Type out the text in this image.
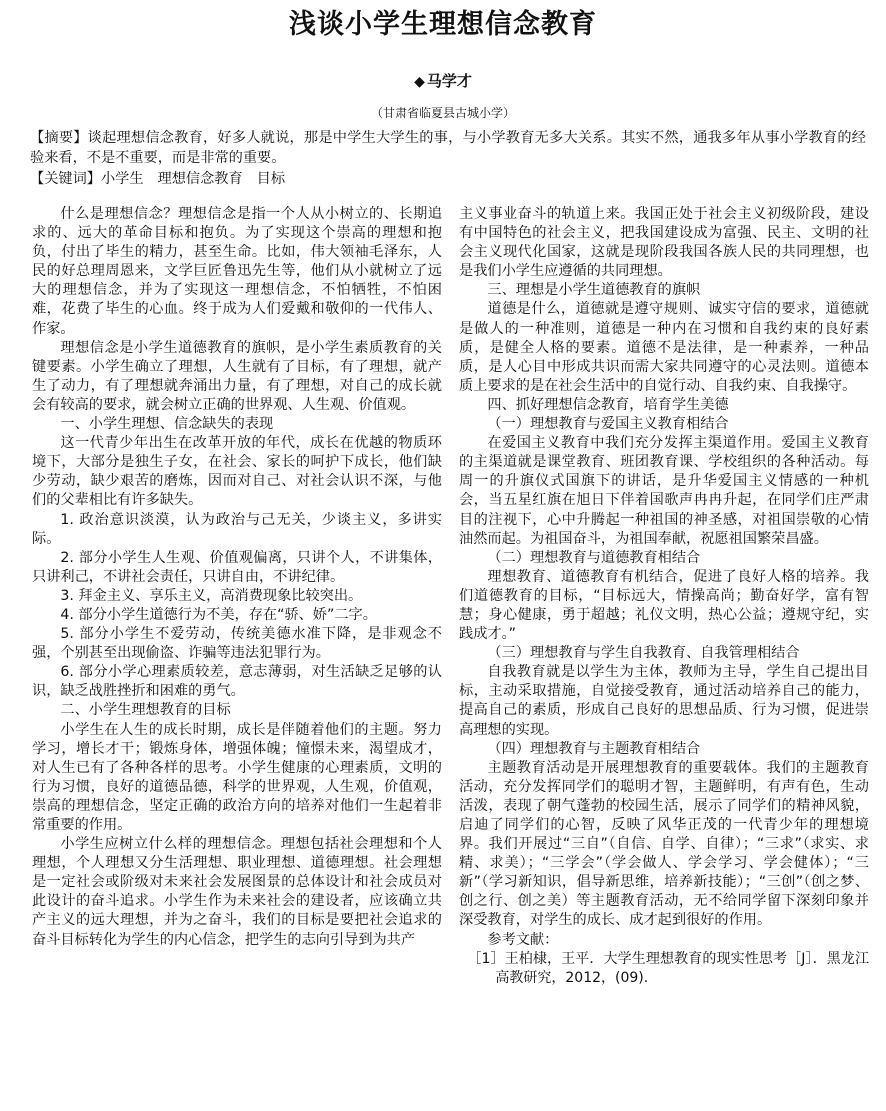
浅谈小学生理想信念教育
◆ 马学才
（甘肃省临夏县古城小学）
【摘要】谈起理想信念教育，好多人就说，那是中学生大学生的事，与小学教育无多大关系。其实不然，通我多年从事小学教育的经验来看，不是不重要，而是非常的重要。
【关键词】小学生 理想信念教育 目标

什么是理想信念？理想信念是指一个人从小树立的、长期追求的、远大的革命目标和抱负。为了实现这个崇高的理想和抱负，付出了毕生的精力，甚至生命。比如，伟大领袖毛泽东，人民的好总理周恩来，文学巨匠鲁迅先生等，他们从小就树立了远大的理想信念，并为了实现这一理想信念，不怕牺牲，不怕困难，花费了毕生的心血。终于成为人们爱戴和敬仰的一代伟人、作家。

理想信念是小学生道德教育的旗帜，是小学生素质教育的关键要素。小学生确立了理想，人生就有了目标，有了理想，就产生了动力，有了理想就奔涌出力量，有了理想，对自己的成长就会有较高的要求，就会树立正确的世界观、人生观、价值观。

一、小学生理想、信念缺失的表现

这一代青少年出生在改革开放的年代，成长在优越的物质环境下，大部分是独生子女，在社会、家长的呵护下成长，他们缺少劳动，缺少艰苦的磨炼，因而对自己、对社会认识不深，与他们的父辈相比有许多缺失。

1. 政治意识淡漠，认为政治与己无关，少谈主义，多讲实际。

2. 部分小学生人生观、价值观偏离，只讲个人，不讲集体，只讲利己，不讲社会责任，只讲自由，不讲纪律。

3. 拜金主义、享乐主义，高消费现象比较突出。

4. 部分小学生道德行为不美，存在“骄、娇”二字。

5. 部分小学生不爱劳动，传统美德水准下降，是非观念不强，个别甚至出现偷盗、诈骗等违法犯罪行为。

6. 部分小学心理素质较差，意志薄弱，对生活缺乏足够的认识，缺乏战胜挫折和困难的勇气。

二、小学生理想教育的目标

小学生在人生的成长时期，成长是伴随着他们的主题。努力学习，增长才干；锻炼身体，增强体魄；憧憬未来，渴望成才，对人生已有了各种各样的思考。小学生健康的心理素质，文明的行为习惯，良好的道德品德，科学的世界观，人生观，价值观，崇高的理想信念，坚定正确的政治方向的培养对他们一生起着非常重要的作用。

小学生应树立什么样的理想信念。理想包括社会理想和个人理想，个人理想又分生活理想、职业理想、道德理想。社会理想是一定社会或阶级对未来社会发展图景的总体设计和社会成员对此设计的奋斗追求。小学生作为未来社会的建设者，应该确立共产主义的远大理想，并为之奋斗，我们的目标是要把社会追求的奋斗目标转化为学生的内心信念，把学生的志向引导到为共产

主义事业奋斗的轨道上来。我国正处于社会主义初级阶段，建设有中国特色的社会主义，把我国建设成为富强、民主、文明的社会主义现代化国家，这就是现阶段我国各族人民的共同理想，也是我们小学生应遵循的共同理想。

三、理想是小学生道德教育的旗帜

道德是什么，道德就是遵守规则、诚实守信的要求，道德就是做人的一种准则，道德是一种内在习惯和自我约束的良好素质，是健全人格的要素。道德不是法律，是一种素养，一种品质，是人心目中形成共识而需大家共同遵守的心灵法则。道德本质上要求的是在社会生活中的自觉行动、自我约束、自我操守。

四、抓好理想信念教育，培育学生美德

（一）理想教育与爱国主义教育相结合

在爱国主义教育中我们充分发挥主渠道作用。爱国主义教育的主渠道就是课堂教育、班团教育课、学校组织的各种活动。每周一的升旗仪式国旗下的讲话，是升华爱国主义情感的一种机会，当五星红旗在旭日下伴着国歌声冉冉升起，在同学们庄严肃目的注视下，心中升腾起一种祖国的神圣感，对祖国崇敬的心情油然而起。为祖国奋斗，为祖国奉献，祝愿祖国繁荣昌盛。

（二）理想教育与道德教育相结合

理想教育、道德教育有机结合，促进了良好人格的培养。我们道德教育的目标，“目标远大，情操高尚；勤奋好学，富有智慧；身心健康，勇于超越；礼仪文明，热心公益；遵规守纪，实践成才。”

（三）理想教育与学生自我教育、自我管理相结合

自我教育就是以学生为主体，教师为主导，学生自己提出目标，主动采取措施，自觉接受教育，通过活动培养自己的能力，提高自己的素质，形成自己良好的思想品质、行为习惯，促进崇高理想的实现。

（四）理想教育与主题教育相结合

主题教育活动是开展理想教育的重要载体。我们的主题教育活动，充分发挥同学们的聪明才智，主题鲜明，有声有色，生动活泼，表现了朝气蓬勃的校园生活，展示了同学们的精神风貌，启迪了同学们的心智，反映了风华正茂的一代青少年的理想境界。我们开展过“三自”（自信、自学、自律）；“三求”（求实、求精、求美）；“三学会”（学会做人、学会学习、学会健体）；“三新”（学习新知识，倡导新思维，培养新技能）；“三创”（创之梦、创之行、创之美）等主题教育活动，无不给同学留下深刻印象并深受教育，对学生的成长、成才起到很好的作用。

参考文献：

［1］王柏棣，王平．大学生理想教育的现实性思考［J］．黑龙江高教研究，2012，(09).
